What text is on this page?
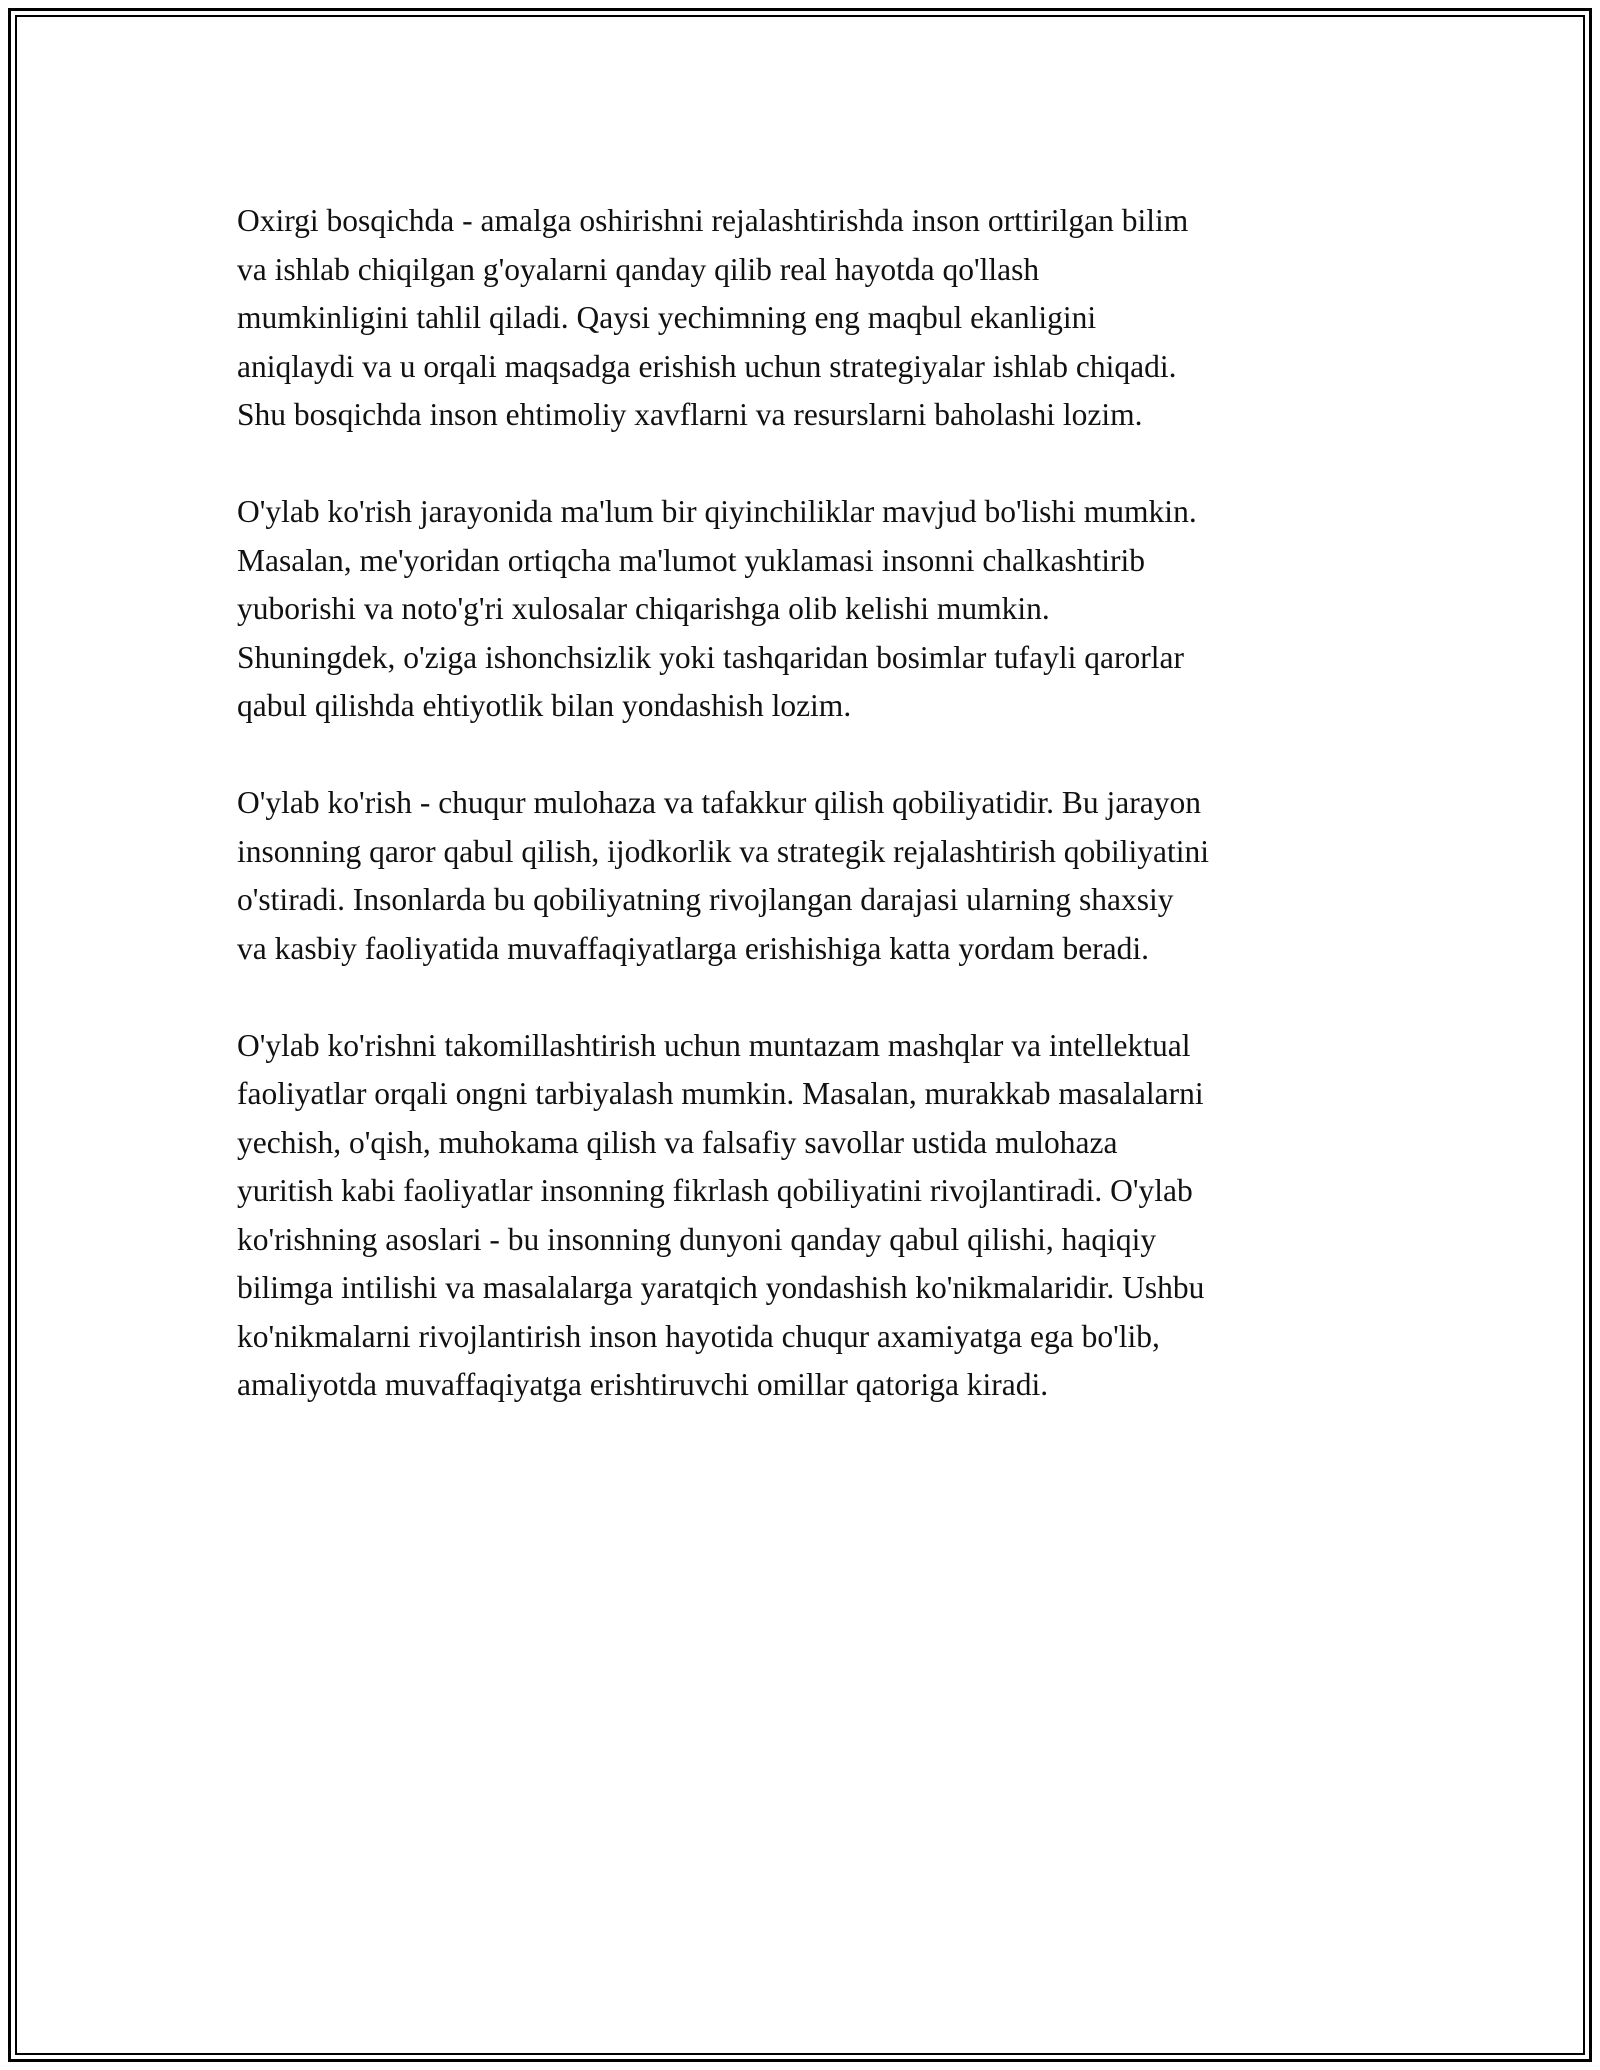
Oxirgi bosqichda - amalga oshirishni rejalashtirishda inson orttirilgan bilim
va ishlab chiqilgan g'oyalarni qanday qilib real hayotda qo'llash
mumkinligini tahlil qiladi. Qaysi yechimning eng maqbul ekanligini
aniqlaydi va u orqali maqsadga erishish uchun strategiyalar ishlab chiqadi.
Shu bosqichda inson ehtimoliy xavflarni va resurslarni baholashi lozim.

O'ylab ko'rish jarayonida ma'lum bir qiyinchiliklar mavjud bo'lishi mumkin.
Masalan, me'yoridan ortiqcha ma'lumot yuklamasi insonni chalkashtirib
yuborishi va noto'g'ri xulosalar chiqarishga olib kelishi mumkin.
Shuningdek, o'ziga ishonchsizlik yoki tashqaridan bosimlar tufayli qarorlar
qabul qilishda ehtiyotlik bilan yondashish lozim.

O'ylab ko'rish - chuqur mulohaza va tafakkur qilish qobiliyatidir. Bu jarayon
insonning qaror qabul qilish, ijodkorlik va strategik rejalashtirish qobiliyatini
o'stiradi. Insonlarda bu qobiliyatning rivojlangan darajasi ularning shaxsiy
va kasbiy faoliyatida muvaffaqiyatlarga erishishiga katta yordam beradi.

O'ylab ko'rishni takomillashtirish uchun muntazam mashqlar va intellektual
faoliyatlar orqali ongni tarbiyalash mumkin. Masalan, murakkab masalalarni
yechish, o'qish, muhokama qilish va falsafiy savollar ustida mulohaza
yuritish kabi faoliyatlar insonning fikrlash qobiliyatini rivojlantiradi. O'ylab
ko'rishning asoslari - bu insonning dunyoni qanday qabul qilishi, haqiqiy
bilimga intilishi va masalalarga yaratqich yondashish ko'nikmalaridir. Ushbu
ko'nikmalarni rivojlantirish inson hayotida chuqur axamiyatga ega bo'lib,
amaliyotda muvaffaqiyatga erishtiruvchi omillar qatoriga kiradi.
